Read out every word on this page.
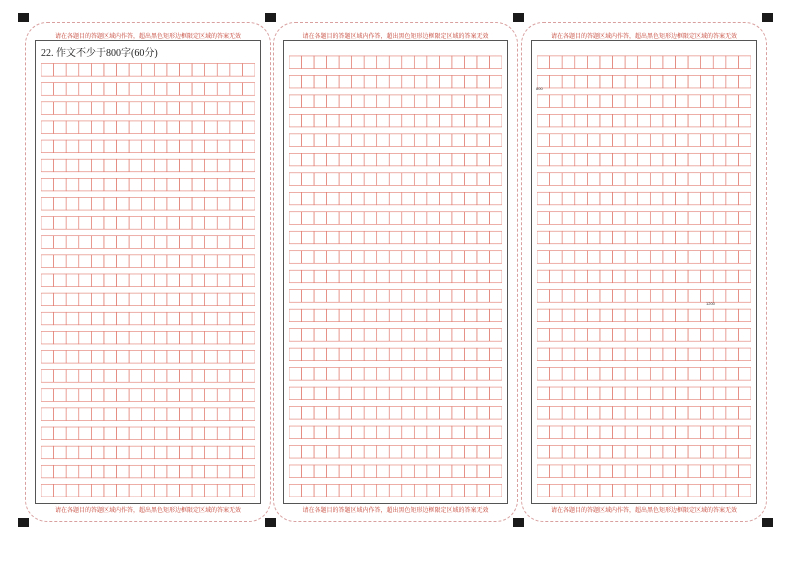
请在各题目的答题区域内作答，超出黑色矩形边框限定区域的答案无效
22. 作文不少于800字(60分)
请在各题目的答题区域内作答，超出黑色矩形边框限定区域的答案无效
请在各题目的答题区域内作答，超出黑色矩形边框限定区域的答案无效
请在各题目的答题区域内作答，超出黑色矩形边框限定区域的答案无效
请在各题目的答题区域内作答，超出黑色矩形边框限定区域的答案无效
800
1200
请在各题目的答题区域内作答，超出黑色矩形边框限定区域的答案无效
